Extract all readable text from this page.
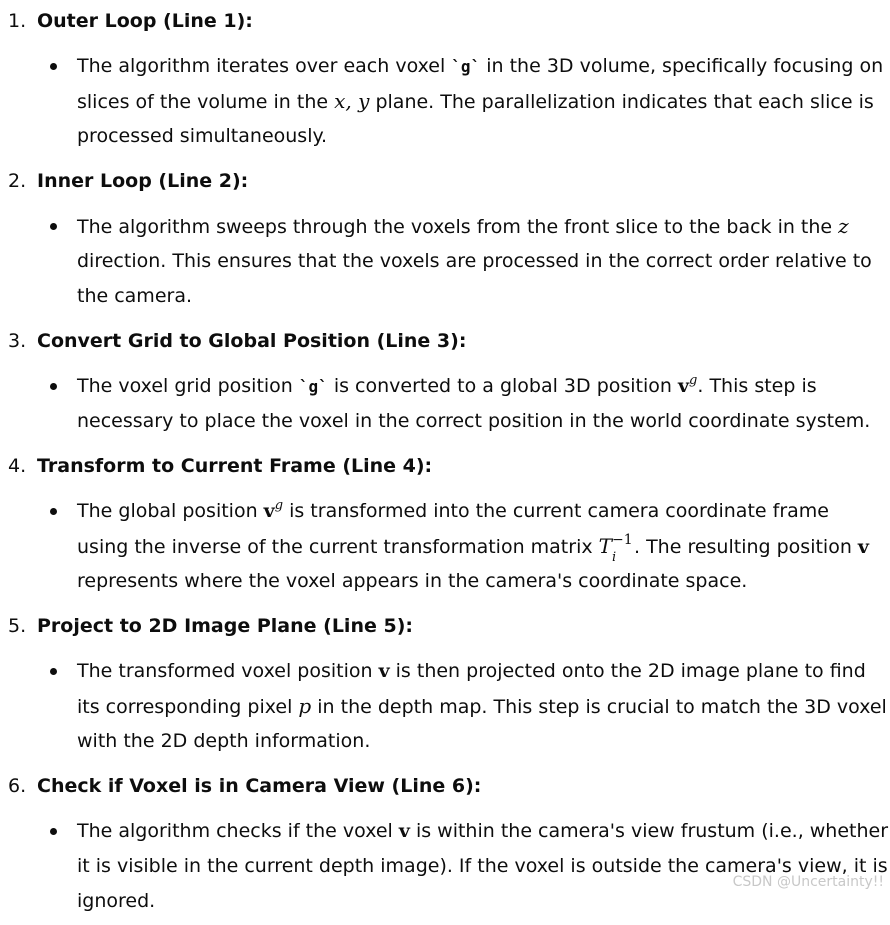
1. Outer Loop (Line 1):
The algorithm iterates over each voxel `g` in the 3D volume, specifically focusing on
slices of the volume in the x, y plane. The parallelization indicates that each slice is
processed simultaneously.
2. Inner Loop (Line 2):
The algorithm sweeps through the voxels from the front slice to the back in the z
direction. This ensures that the voxels are processed in the correct order relative to
the camera.
3. Convert Grid to Global Position (Line 3):
The voxel grid position `g` is converted to a global 3D position $v^g$. This step is
necessary to place the voxel in the correct position in the world coordinate system.
4. Transform to Current Frame (Line 4):
The global position $v^g$ is transformed into the current camera coordinate frame
using the inverse of the current transformation matrix T −1
i . The resulting position v
represents where the voxel appears in the camera's coordinate space.
5. Project to 2D Image Plane (Line 5):
The transformed voxel position v is then projected onto the 2D image plane to find
its corresponding pixel p in the depth map. This step is crucial to match the 3D voxel
with the 2D depth information.
6. Check if Voxel is in Camera View (Line 6):
The algorithm checks if the voxel v is within the camera's view frustum (i.e., whether
it is visible in the current depth image). If the voxel is outside the camera's view, it is
ignored.
CSDN @Uncertainty!!
